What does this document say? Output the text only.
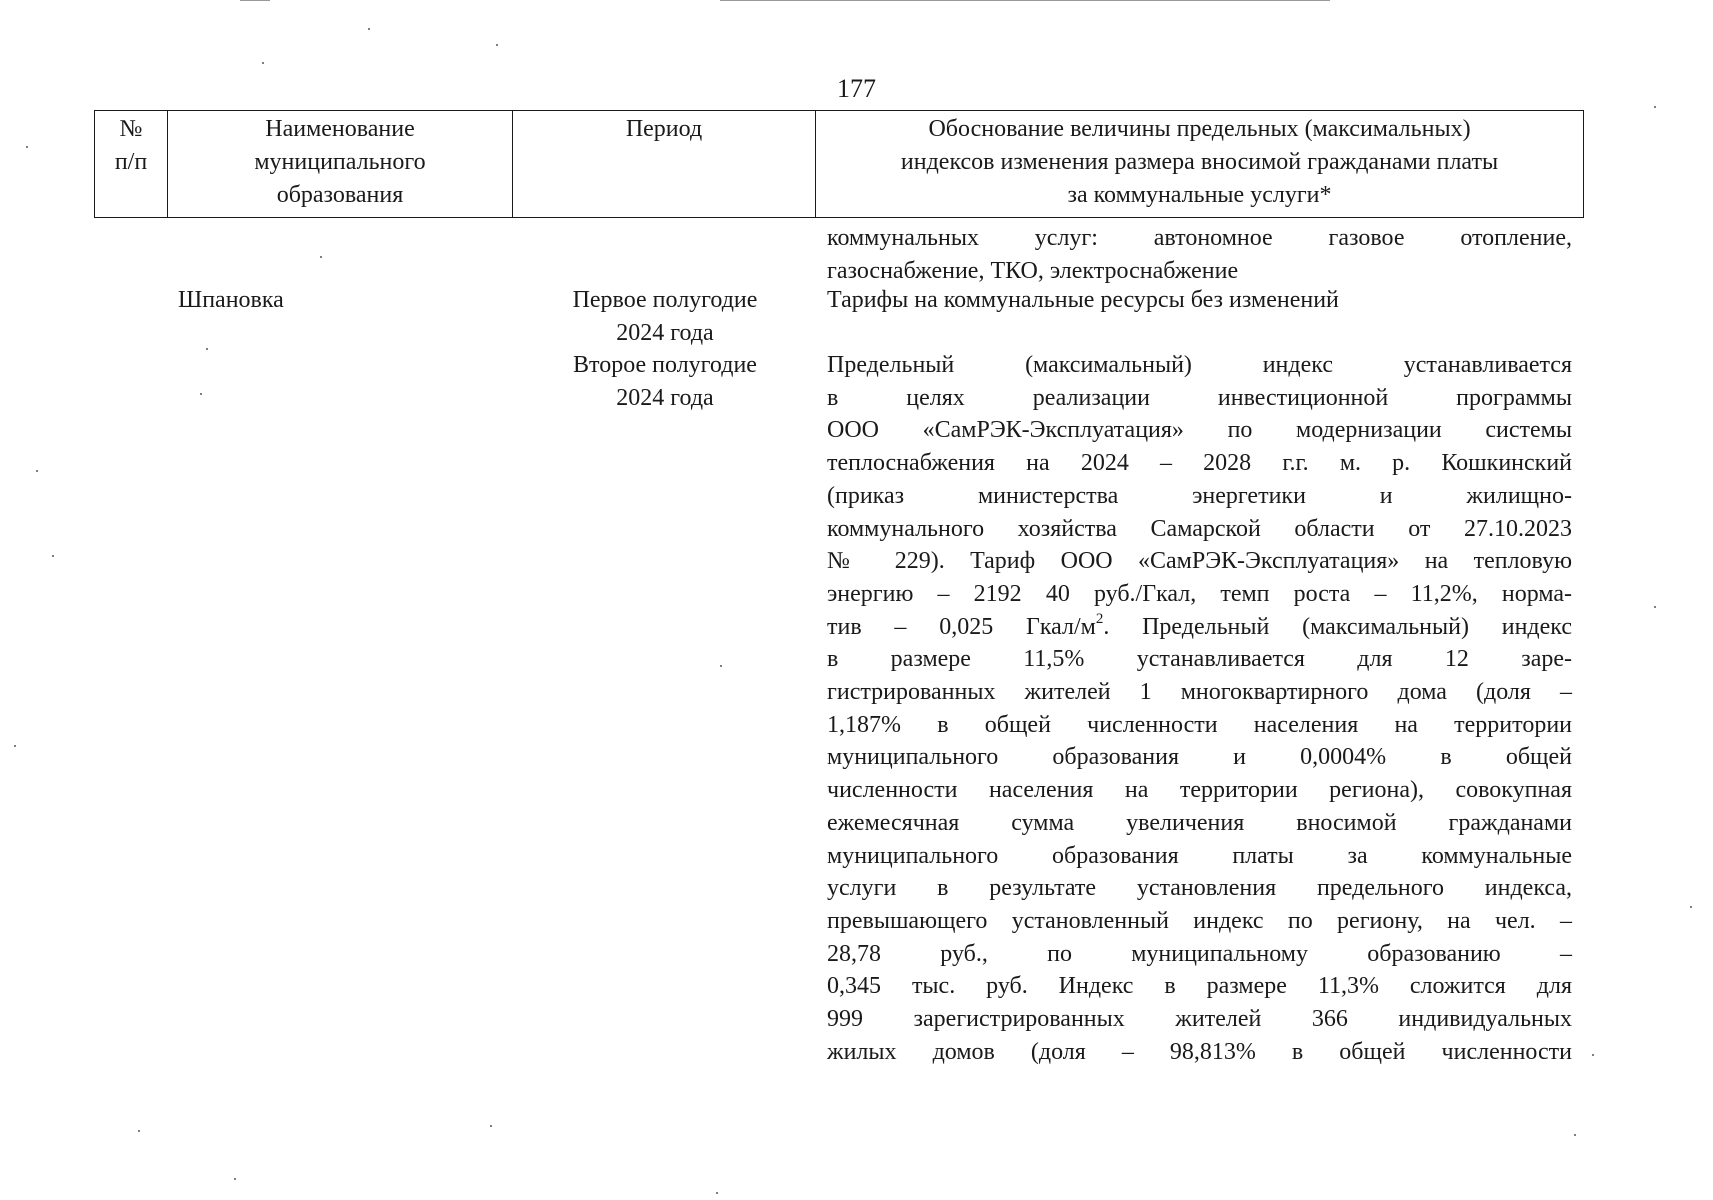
177
№
п/п
Наименование
муниципального
образования
Период	Обоснование величины предельных (максимальных)
индексов изменения размера вносимой гражданами платы
за коммунальные услуги*
коммунальных услуг: автономное газовое отопление,
газоснабжение, ТКО, электроснабжение
Шпановка	Первое полугодие
2024 года
Тарифы на коммунальные ресурсы без изменений
Второе полугодие
2024 года
Предельный (максимальный) индекс устанавливается
в целях реализации инвестиционной программы
ООО «СамРЭК-Эксплуатация» по модернизации системы
теплоснабжения на 2024 – 2028 г.г. м. р. Кошкинский
(приказ министерства энергетики и жилищно-
коммунального хозяйства Самарской области от 27.10.2023
№ 229). Тариф ООО «СамРЭК-Эксплуатация» на тепловую
энергию – 2192 40 руб./Гкал, темп роста – 11,2%, норма-
тив – 0,025 Гкал/$м^2$. Предельный (максимальный) индекс
в размере 11,5% устанавливается для 12 заре-
гистрированных жителей 1 многоквартирного дома (доля –
1,187% в общей численности населения на территории
муниципального образования и 0,0004% в общей
численности населения на территории региона), совокупная
ежемесячная сумма увеличения вносимой гражданами
муниципального образования платы за коммунальные
услуги в результате установления предельного индекса,
превышающего установленный индекс по региону, на чел. –
28,78 руб., по муниципальному образованию –
0,345 тыс. руб. Индекс в размере 11,3% сложится для
999 зарегистрированных жителей 366 индивидуальных
жилых домов (доля – 98,813% в общей численности
